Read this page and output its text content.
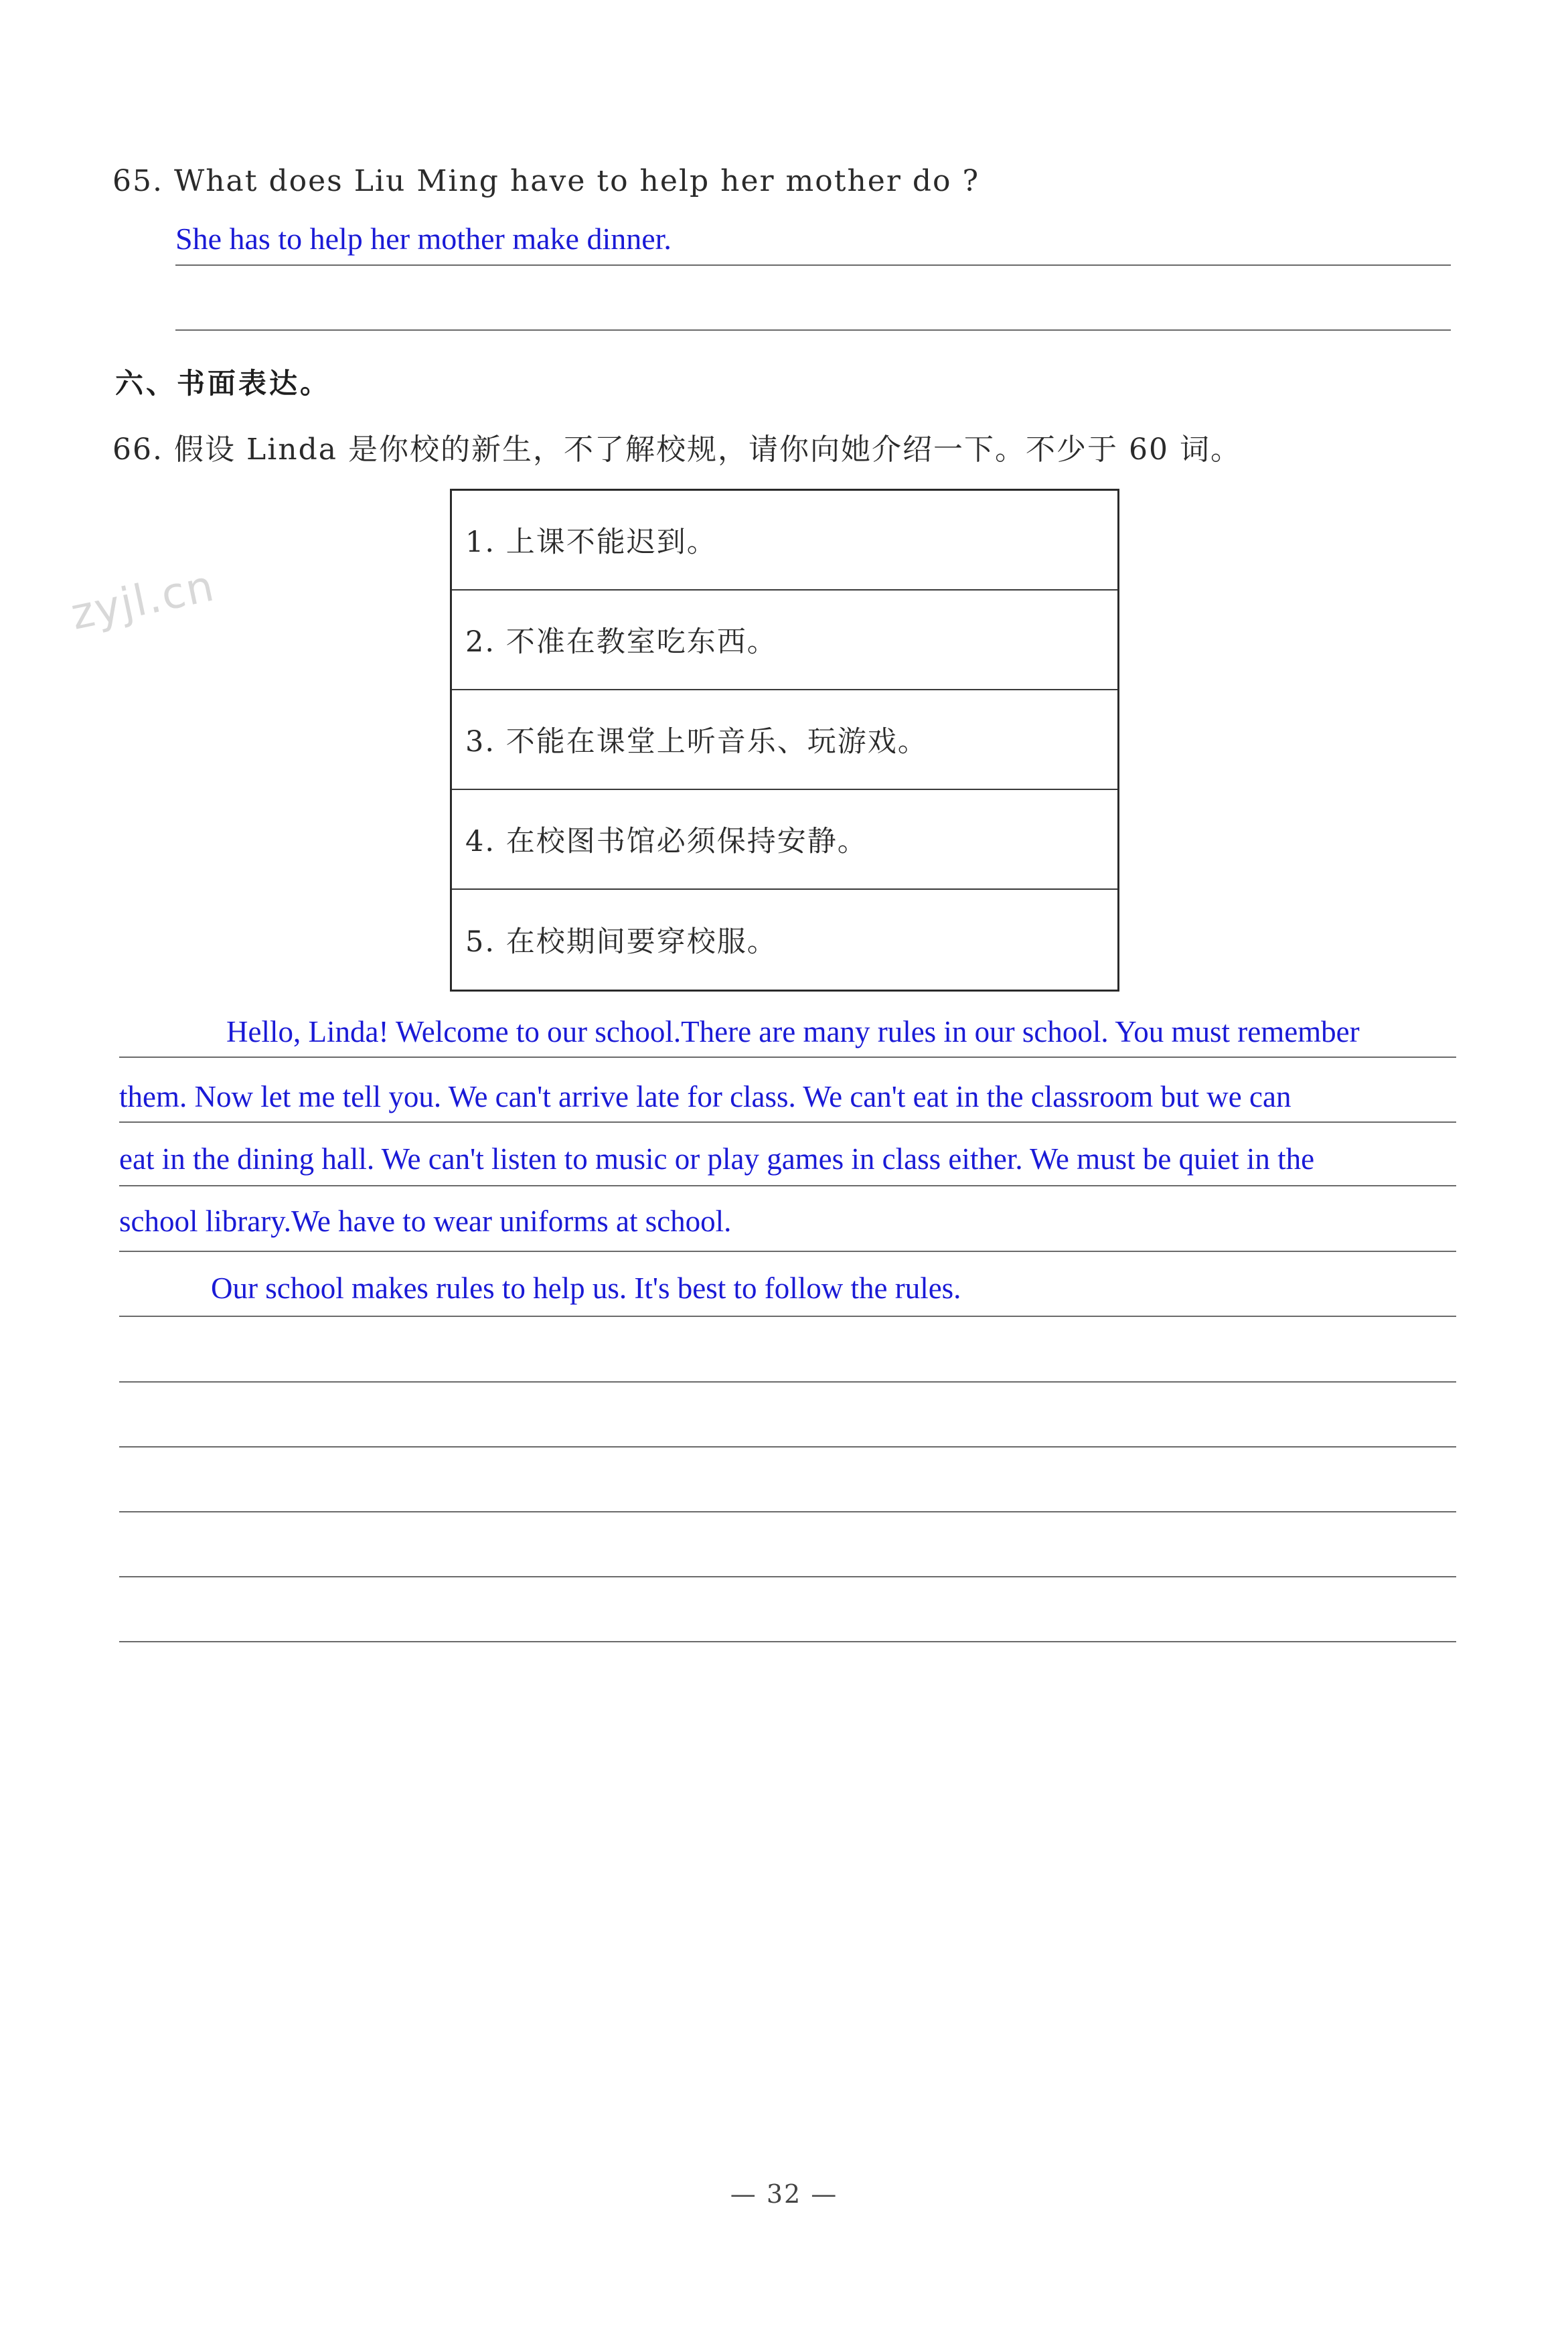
65. What does Liu Ming have to help her mother do ?
She has to help her mother make dinner.
六、书面表达。
66. 假设 Linda 是你校的新生，不了解校规，请你向她介绍一下。不少于 60 词。
zyjl.cn
1. 上课不能迟到。
2. 不准在教室吃东西。
3. 不能在课堂上听音乐、玩游戏。
4. 在校图书馆必须保持安静。
5. 在校期间要穿校服。
Hello, Linda! Welcome to our school.There are many rules in our school. You must remember
them. Now let me tell you. We can't arrive late for class. We can't eat in the classroom but we can
eat in the dining hall. We can't listen to music or play games in class either. We must be quiet in the
school library.We have to wear uniforms at school.
Our school makes rules to help us. It's best to follow the rules.
— 32 —
